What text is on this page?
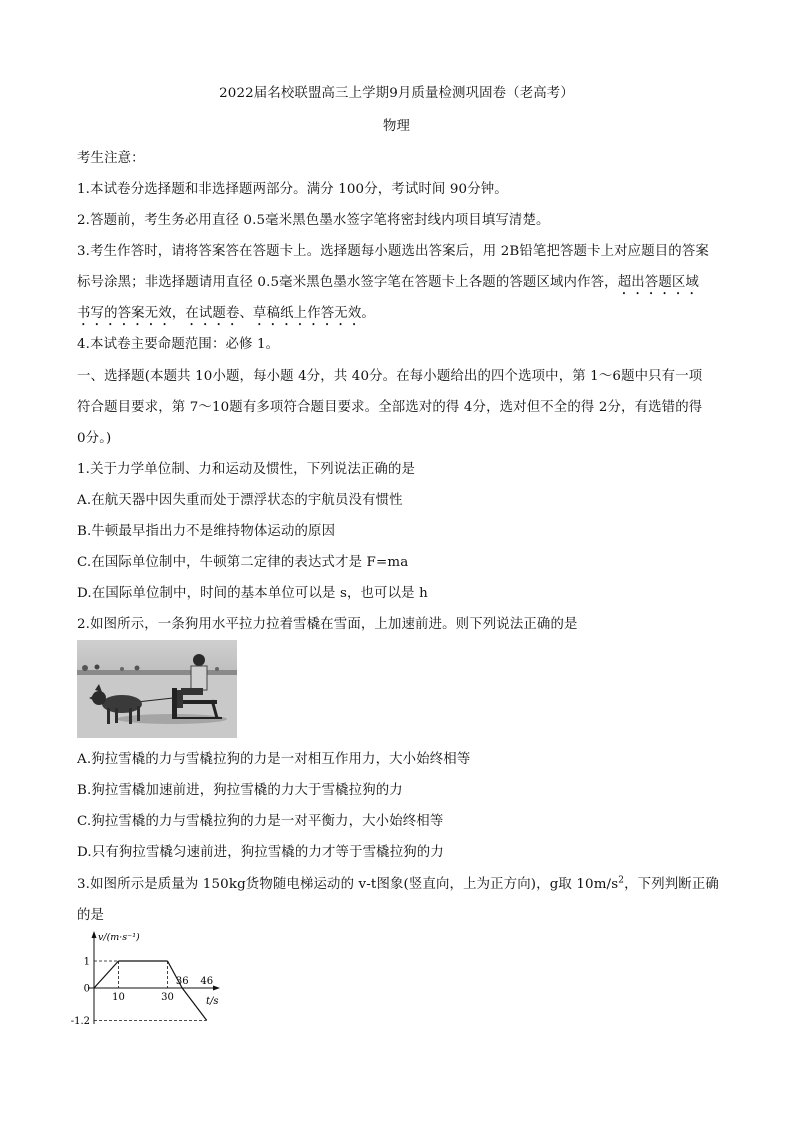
2022届名校联盟高三上学期9月质量检测巩固卷（老高考）
物理
考生注意：
1.本试卷分选择题和非选择题两部分。满分 100分，考试时间 90分钟。
2.答题前，考生务必用直径 0.5毫米黑色墨水签字笔将密封线内项目填写清楚。
3.考生作答时，请将答案答在答题卡上。选择题每小题选出答案后，用 2B铅笔把答题卡上对应题目的答案
标号涂黑；非选择题请用直径 0.5毫米黑色墨水签字笔在答题卡上各题的答题区域内作答，超出答题区域
书写的答案无效，在试题卷、草稿纸上作答无效。
4.本试卷主要命题范围：必修 1。
一、选择题(本题共 10小题，每小题 4分，共 40分。在每小题给出的四个选项中，第 1～6题中只有一项
符合题目要求，第 7～10题有多项符合题目要求。全部选对的得 4分，选对但不全的得 2分，有选错的得
0分。)
1.关于力学单位制、力和运动及惯性，下列说法正确的是
A.在航天器中因失重而处于漂浮状态的宇航员没有惯性
B.牛顿最早指出力不是维持物体运动的原因
C.在国际单位制中，牛顿第二定律的表达式才是 F=ma
D.在国际单位制中，时间的基本单位可以是 s，也可以是 h
2.如图所示，一条狗用水平拉力拉着雪橇在雪面，上加速前进。则下列说法正确的是
A.狗拉雪橇的力与雪橇拉狗的力是一对相互作用力，大小始终相等
B.狗拉雪橇加速前进，狗拉雪橇的力大于雪橇拉狗的力
C.狗拉雪橇的力与雪橇拉狗的力是一对平衡力，大小始终相等
D.只有狗拉雪橇匀速前进，狗拉雪橇的力才等于雪橇拉狗的力
3.如图所示是质量为 150kg货物随电梯运动的 v-t图象(竖直向，上为正方向)，g取 $10m/s^2$，下列判断正确
的是
v/(m·s⁻¹)
t/s
10	30
36 46
1
0
-1.2
